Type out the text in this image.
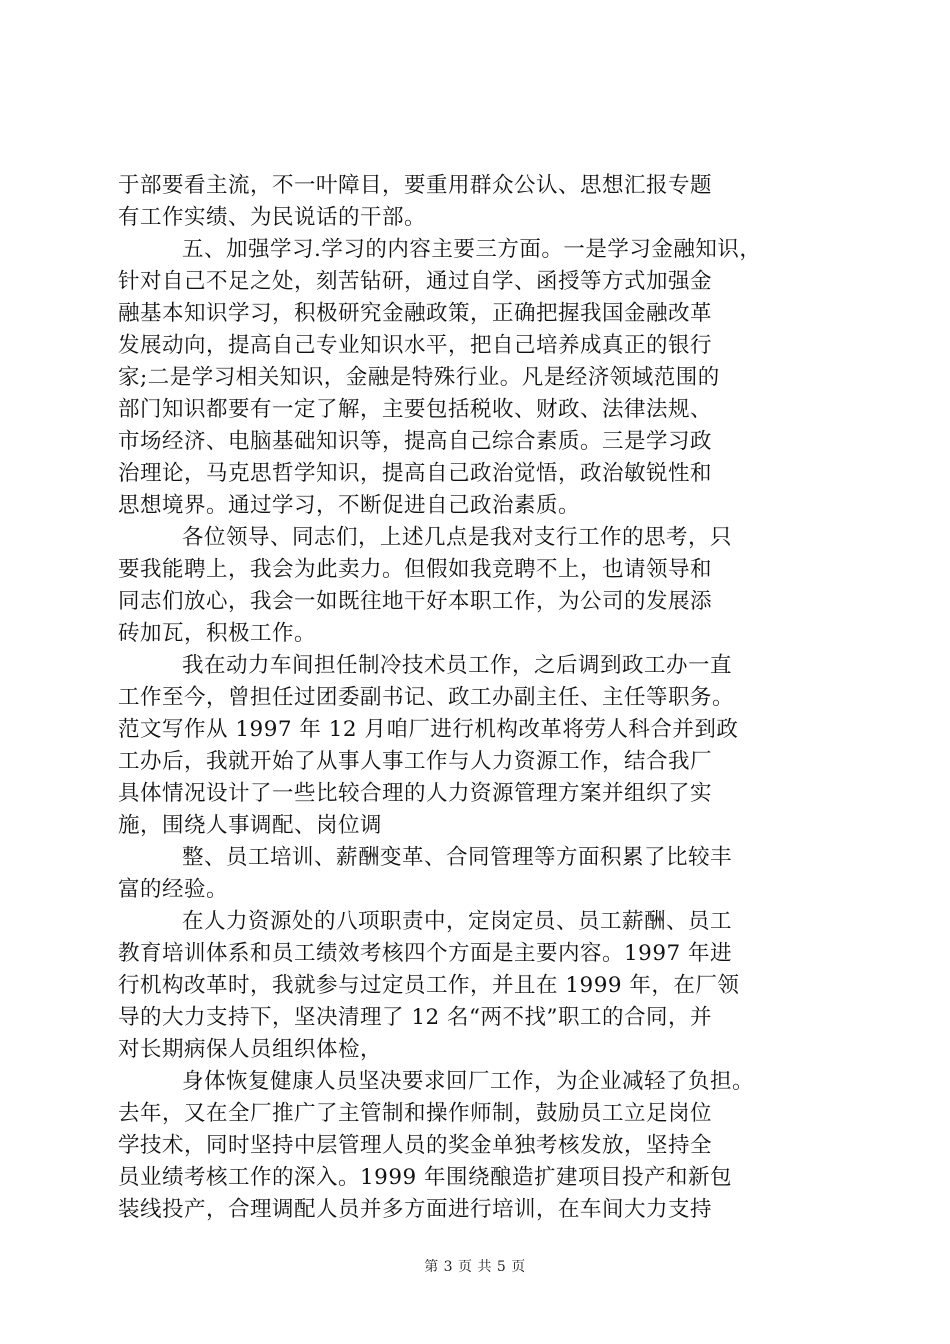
于部要看主流，不一叶障目，要重用群众公认、思想汇报专题
有工作实绩、为民说话的干部。
五、加强学习.学习的内容主要三方面。一是学习金融知识，
针对自己不足之处，刻苦钻研，通过自学、函授等方式加强金
融基本知识学习，积极研究金融政策，正确把握我国金融改革
发展动向，提高自己专业知识水平，把自己培养成真正的银行
家;二是学习相关知识，金融是特殊行业。凡是经济领域范围的
部门知识都要有一定了解，主要包括税收、财政、法律法规、
市场经济、电脑基础知识等，提高自己综合素质。三是学习政
治理论，马克思哲学知识，提高自己政治觉悟，政治敏锐性和
思想境界。通过学习，不断促进自己政治素质。
各位领导、同志们，上述几点是我对支行工作的思考，只
要我能聘上，我会为此卖力。但假如我竞聘不上，也请领导和
同志们放心，我会一如既往地干好本职工作，为公司的发展添
砖加瓦，积极工作。
我在动力车间担任制冷技术员工作，之后调到政工办一直
工作至今，曾担任过团委副书记、政工办副主任、主任等职务。
范文写作从 1997 年 12 月咱厂进行机构改革将劳人科合并到政
工办后，我就开始了从事人事工作与人力资源工作，结合我厂
具体情况设计了一些比较合理的人力资源管理方案并组织了实
施，围绕人事调配、岗位调
整、员工培训、薪酬变革、合同管理等方面积累了比较丰
富的经验。
在人力资源处的八项职责中，定岗定员、员工薪酬、员工
教育培训体系和员工绩效考核四个方面是主要内容。1997 年进
行机构改革时，我就参与过定员工作，并且在 1999 年，在厂领
导的大力支持下，坚决清理了 12 名“两不找”职工的合同，并
对长期病保人员组织体检，
身体恢复健康人员坚决要求回厂工作，为企业减轻了负担。
去年，又在全厂推广了主管制和操作师制，鼓励员工立足岗位
学技术，同时坚持中层管理人员的奖金单独考核发放，坚持全
员业绩考核工作的深入。1999 年围绕酿造扩建项目投产和新包
装线投产，合理调配人员并多方面进行培训，在车间大力支持
第 3 页 共 5 页
